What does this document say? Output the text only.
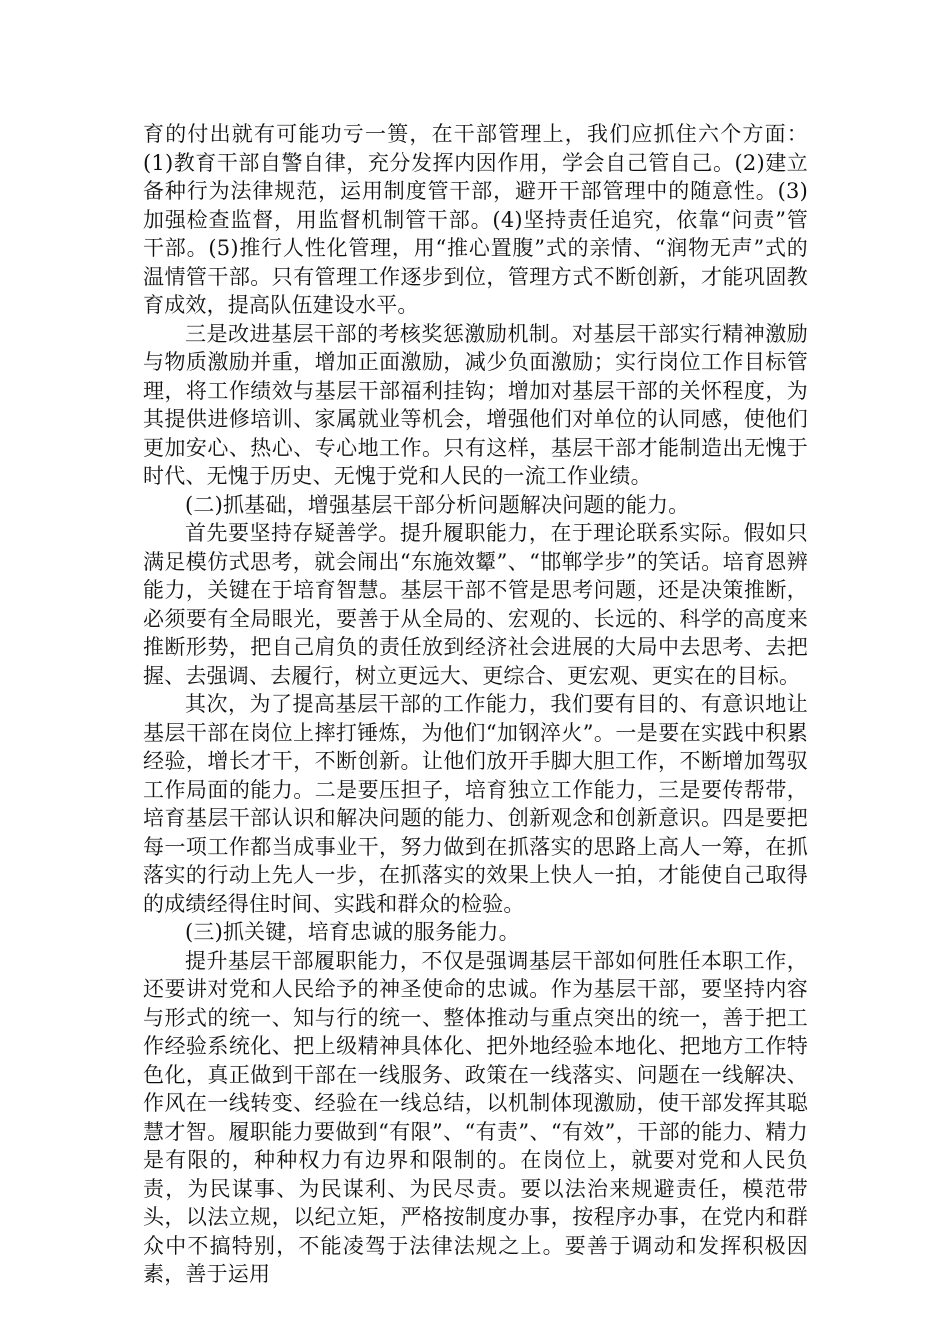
育的付出就有可能功亏一篑，在干部管理上，我们应抓住六个方面：(1)教育干部自警自律，充分发挥内因作用，学会自己管自己。(2)建立备种行为法律规范，运用制度管干部，避开干部管理中的随意性。(3)加强检查监督，用监督机制管干部。(4)坚持责任追究，依靠“问责”管干部。(5)推行人性化管理，用“推心置腹”式的亲情、“润物无声”式的温情管干部。只有管理工作逐步到位，管理方式不断创新，才能巩固教育成效，提高队伍建设水平。

三是改进基层干部的考核奖惩激励机制。对基层干部实行精神激励与物质激励并重，增加正面激励，减少负面激励；实行岗位工作目标管理，将工作绩效与基层干部福利挂钩；增加对基层干部的关怀程度，为其提供进修培训、家属就业等机会，增强他们对单位的认同感，使他们更加安心、热心、专心地工作。只有这样，基层干部才能制造出无愧于时代、无愧于历史、无愧于党和人民的一流工作业绩。

(二)抓基础，增强基层干部分析问题解决问题的能力。

首先要坚持存疑善学。提升履职能力，在于理论联系实际。假如只满足模仿式思考，就会闹出“东施效颦”、“邯郸学步”的笑话。培育恩辨能力，关键在于培育智慧。基层干部不管是思考问题，还是决策推断，必须要有全局眼光，要善于从全局的、宏观的、长远的、科学的高度来推断形势，把自己肩负的责任放到经济社会进展的大局中去思考、去把握、去强调、去履行，树立更远大、更综合、更宏观、更实在的目标。

其次，为了提高基层干部的工作能力，我们要有目的、有意识地让基层干部在岗位上摔打锤炼，为他们“加钢淬火”。一是要在实践中积累经验，增长才干，不断创新。让他们放开手脚大胆工作，不断增加驾驭工作局面的能力。二是要压担子，培育独立工作能力，三是要传帮带，培育基层干部认识和解决问题的能力、创新观念和创新意识。四是要把每一项工作都当成事业干，努力做到在抓落实的思路上高人一筹，在抓落实的行动上先人一步，在抓落实的效果上快人一拍，才能使自己取得的成绩经得住时间、实践和群众的检验。

(三)抓关键，培育忠诚的服务能力。

提升基层干部履职能力，不仅是强调基层干部如何胜任本职工作，还要讲对党和人民给予的神圣使命的忠诚。作为基层干部，要坚持内容与形式的统一、知与行的统一、整体推动与重点突出的统一，善于把工作经验系统化、把上级精神具体化、把外地经验本地化、把地方工作特色化，真正做到干部在一线服务、政策在一线落实、问题在一线解决、作风在一线转变、经验在一线总结，以机制体现激励，使干部发挥其聪慧才智。履职能力要做到“有限”、“有责”、“有效”，干部的能力、精力是有限的，种种权力有边界和限制的。在岗位上，就要对党和人民负责，为民谋事、为民谋利、为民尽责。要以法治来规避责任，模范带头，以法立规，以纪立矩，严格按制度办事，按程序办事，在党内和群众中不搞特别，不能凌驾于法律法规之上。要善于调动和发挥积极因素，善于运用
